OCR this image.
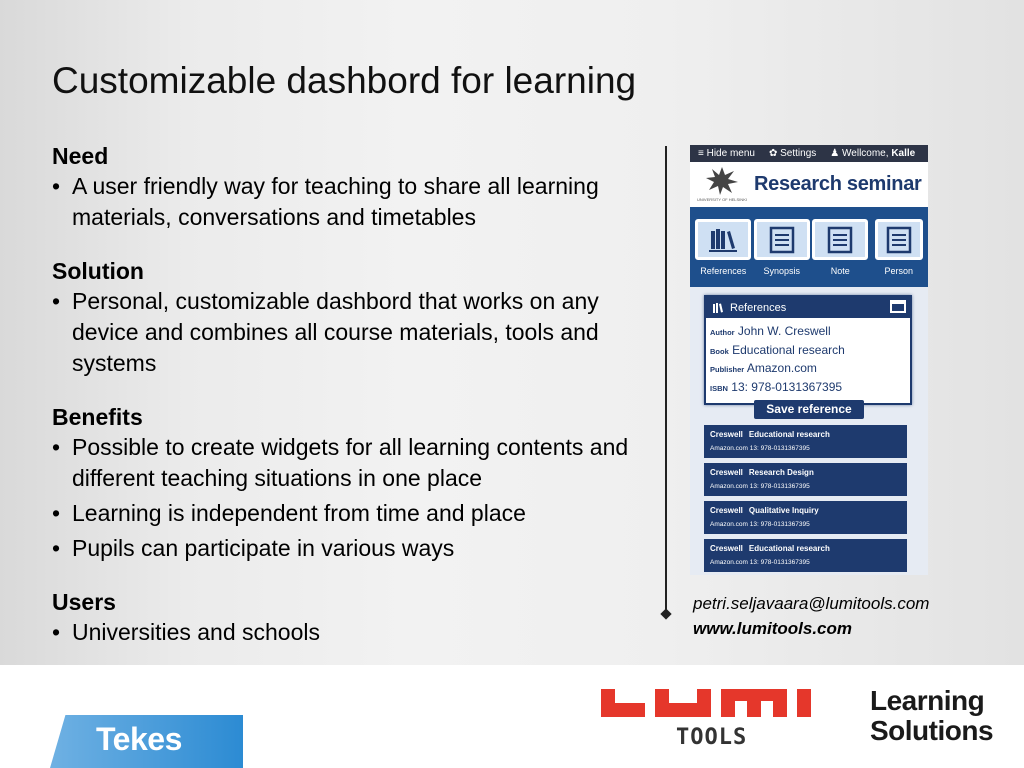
Customizable dashbord for learning
Need
• A user friendly way for teaching to share all learning materials, conversations and timetables
Solution
• Personal, customizable dashbord that works on any device and combines all course materials, tools and systems
Benefits
• Possible to create widgets for all learning contents and different teaching situations in one place
• Learning is independent from time and place
• Pupils can participate in various ways
Users
• Universities and schools
≡ Hide menu ✿ Settings ♟ Wellcome, Kalle
UNIVERSITY OF HELSINKI
Research seminar
References Synopsis	Note	Person
References
Author John W. Creswell
Book Educational research
Publisher Amazon.com
ISBN 13: 978-0131367395
Save reference
Creswell Educational research
Amazon.com 13: 978-0131367395
Creswell Research Design
Amazon.com 13: 978-0131367395
Creswell Qualitative Inquiry
Amazon.com 13: 978-0131367395
Creswell Educational research
Amazon.com 13: 978-0131367395
petri.seljavaara@lumitools.com
www.lumitools.com
Tekes	TOOLS
Learning
Solutions
